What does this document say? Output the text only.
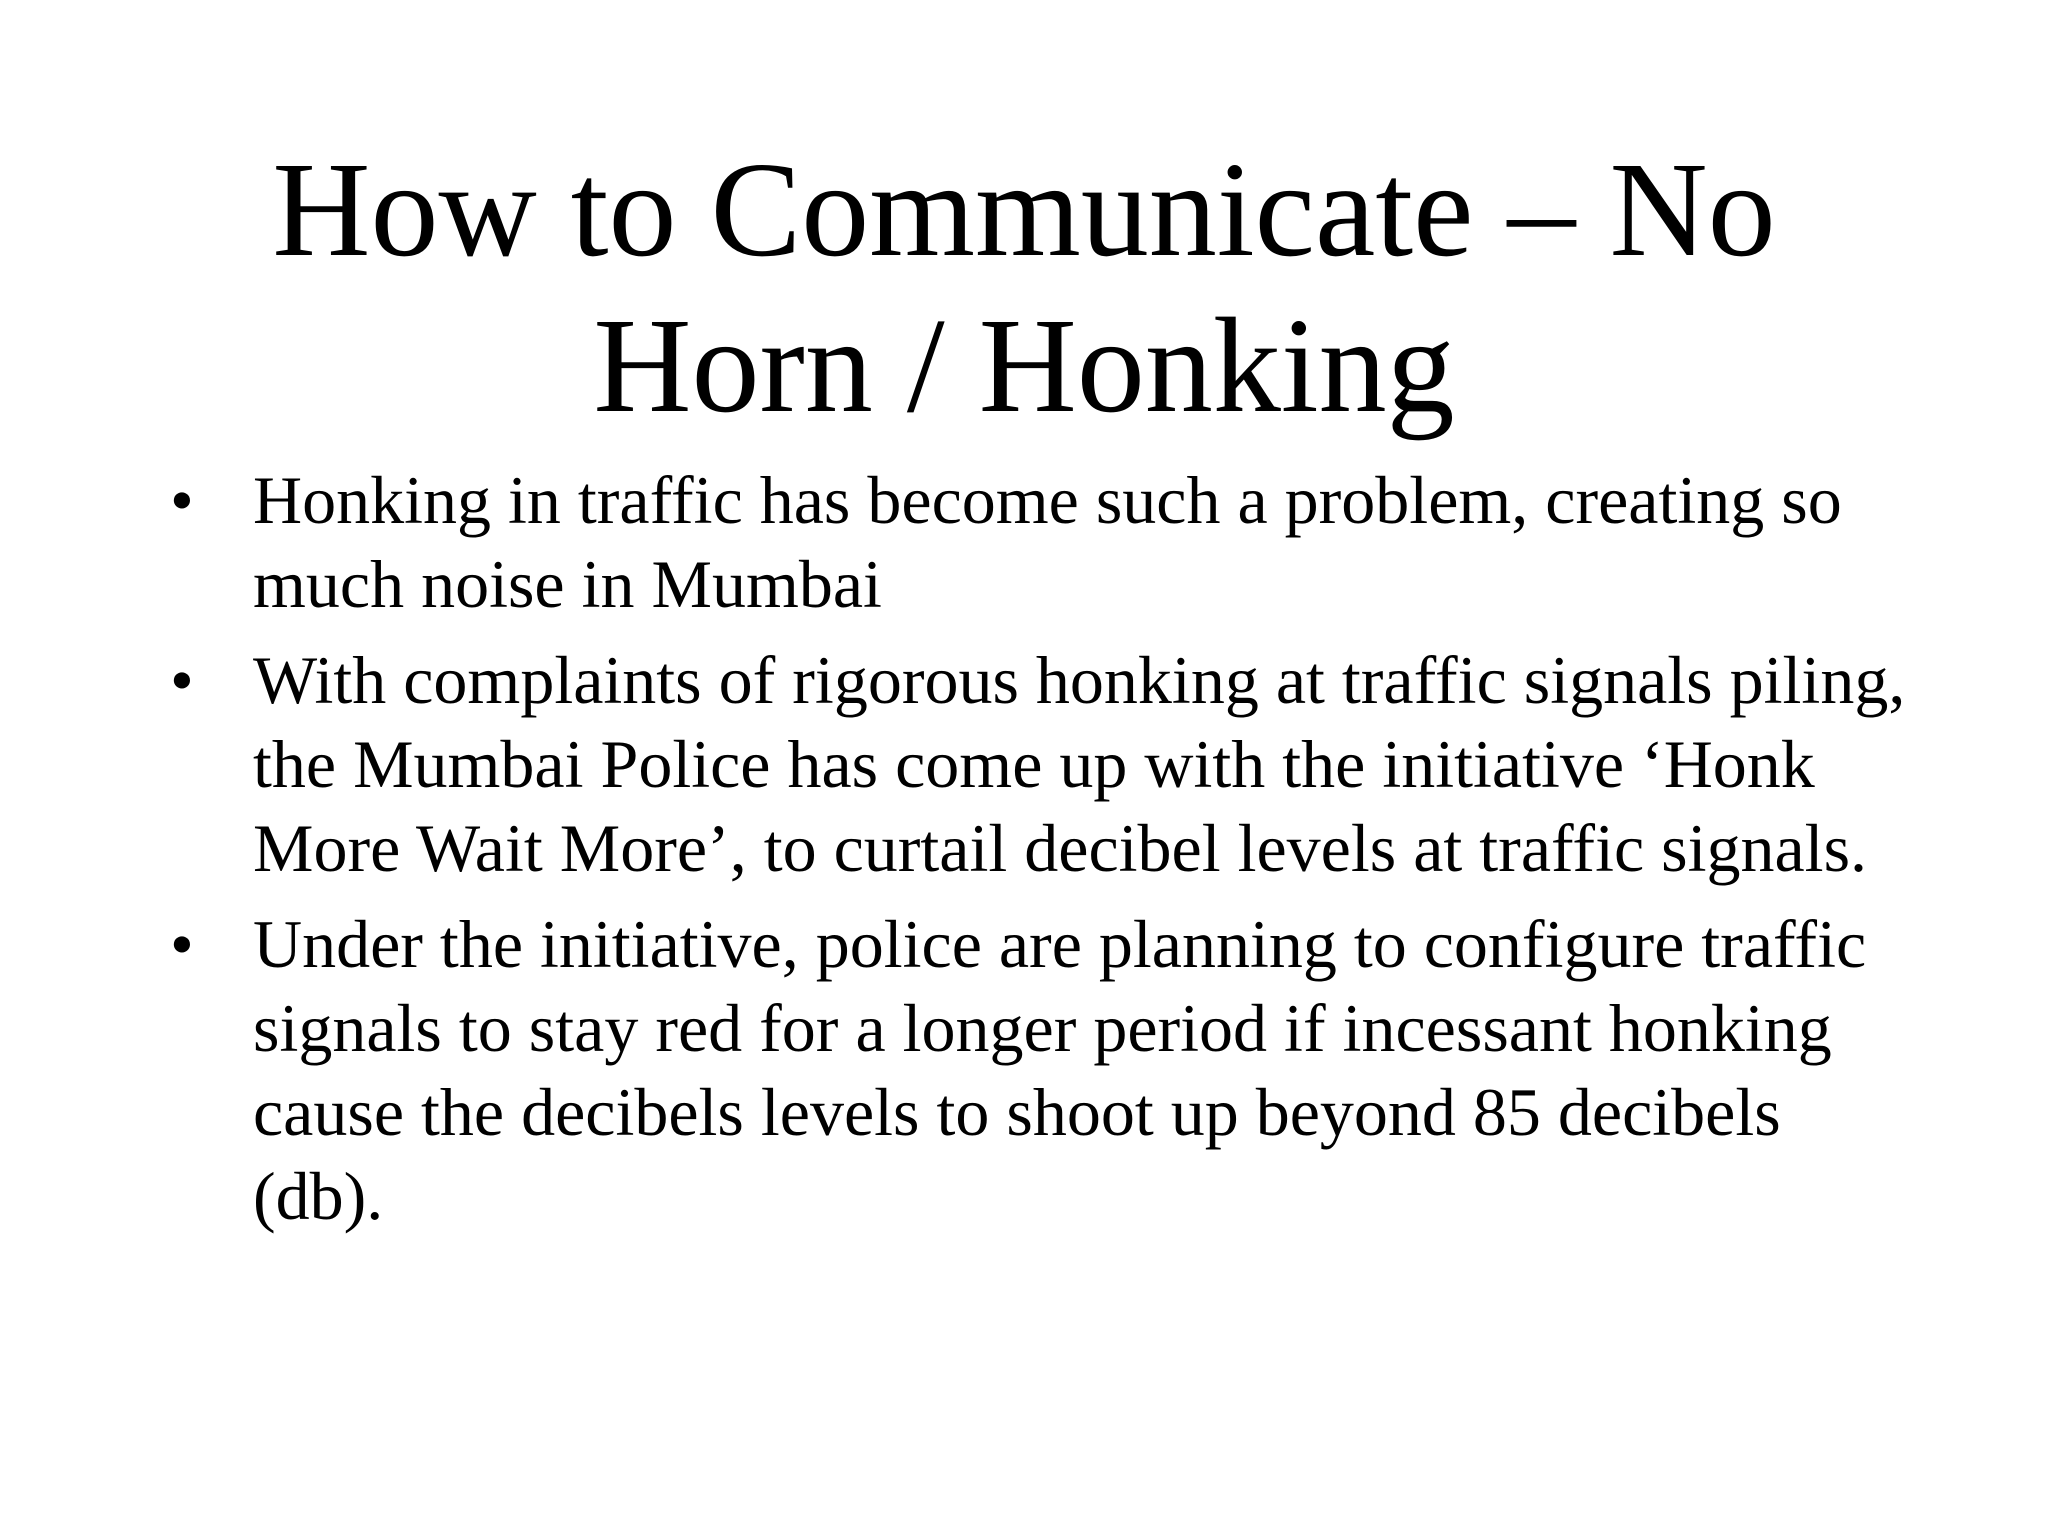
How to Communicate – No Horn / Honking
• Honking in traffic has become such a problem, creating so much noise in Mumbai
• With complaints of rigorous honking at traffic signals piling, the Mumbai Police has come up with the initiative ‘Honk More Wait More’, to curtail decibel levels at traffic signals.
• Under the initiative, police are planning to configure traffic signals to stay red for a longer period if incessant honking cause the decibels levels to shoot up beyond 85 decibels (db).
